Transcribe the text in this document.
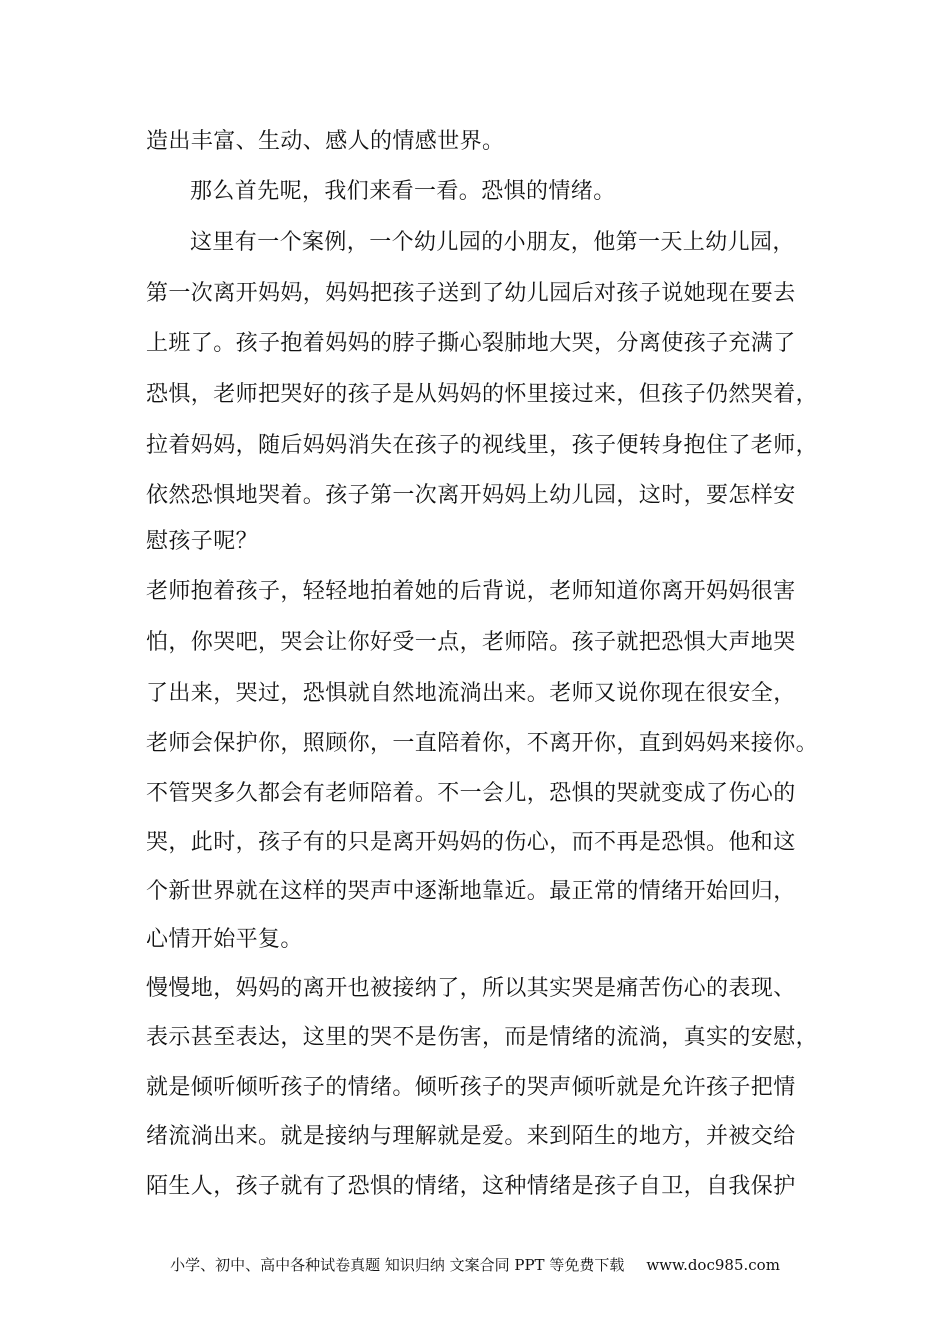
造出丰富、生动、感人的情感世界。
那么首先呢，我们来看一看。恐惧的情绪。
这里有一个案例，一个幼儿园的小朋友，他第一天上幼儿园，
第一次离开妈妈，妈妈把孩子送到了幼儿园后对孩子说她现在要去
上班了。孩子抱着妈妈的脖子撕心裂肺地大哭，分离使孩子充满了
恐惧，老师把哭好的孩子是从妈妈的怀里接过来，但孩子仍然哭着，
拉着妈妈，随后妈妈消失在孩子的视线里，孩子便转身抱住了老师，
依然恐惧地哭着。孩子第一次离开妈妈上幼儿园，这时，要怎样安
慰孩子呢？
老师抱着孩子，轻轻地拍着她的后背说，老师知道你离开妈妈很害
怕，你哭吧，哭会让你好受一点，老师陪。孩子就把恐惧大声地哭
了出来，哭过，恐惧就自然地流淌出来。老师又说你现在很安全，
老师会保护你，照顾你，一直陪着你，不离开你，直到妈妈来接你。
不管哭多久都会有老师陪着。不一会儿，恐惧的哭就变成了伤心的
哭，此时，孩子有的只是离开妈妈的伤心，而不再是恐惧。他和这
个新世界就在这样的哭声中逐渐地靠近。最正常的情绪开始回归，
心情开始平复。
慢慢地，妈妈的离开也被接纳了，所以其实哭是痛苦伤心的表现、
表示甚至表达，这里的哭不是伤害，而是情绪的流淌，真实的安慰，
就是倾听倾听孩子的情绪。倾听孩子的哭声倾听就是允许孩子把情
绪流淌出来。就是接纳与理解就是爱。来到陌生的地方，并被交给
陌生人，孩子就有了恐惧的情绪，这种情绪是孩子自卫，自我保护
小学、初中、高中各种试卷真题 知识归纳 文案合同 PPT 等免费下载 www.doc985.com
